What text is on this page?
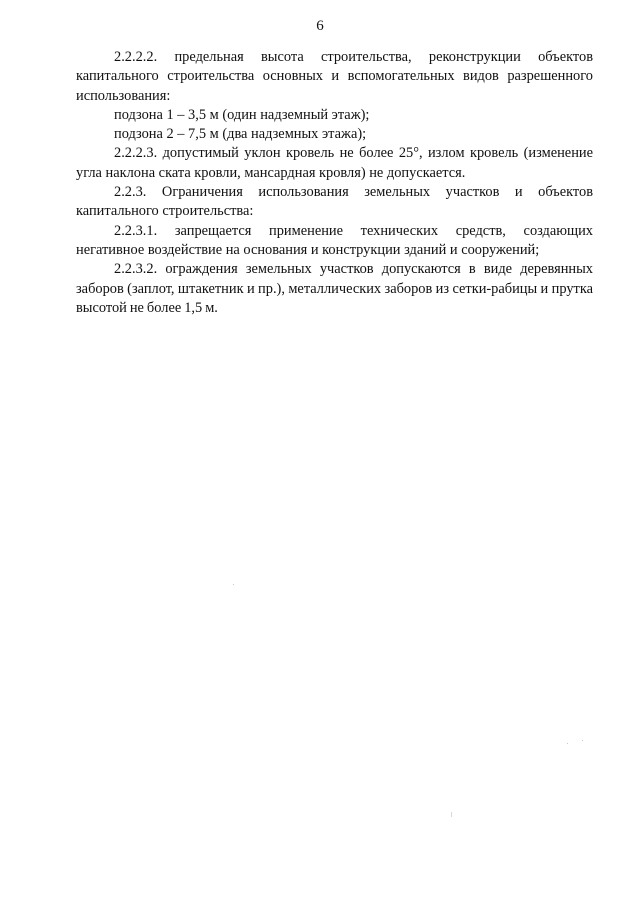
6

2.2.2.2. предельная высота строительства, реконструкции объектов капитального строительства основных и вспомогательных видов разрешенного использования:

подзона 1 – 3,5 м (один надземный этаж);

подзона 2 – 7,5 м (два надземных этажа);

2.2.2.3. допустимый уклон кровель не более 25°, излом кровель (изменение угла наклона ската кровли, мансардная кровля) не допускается.

2.2.3. Ограничения использования земельных участков и объектов капитального строительства:

2.2.3.1. запрещается применение технических средств, создающих негативное воздействие на основания и конструкции зданий и сооружений;

2.2.3.2. ограждения земельных участков допускаются в виде деревянных заборов (заплот, штакетник и пр.), металлических заборов из сетки-рабицы и прутка высотой не более 1,5 м.
